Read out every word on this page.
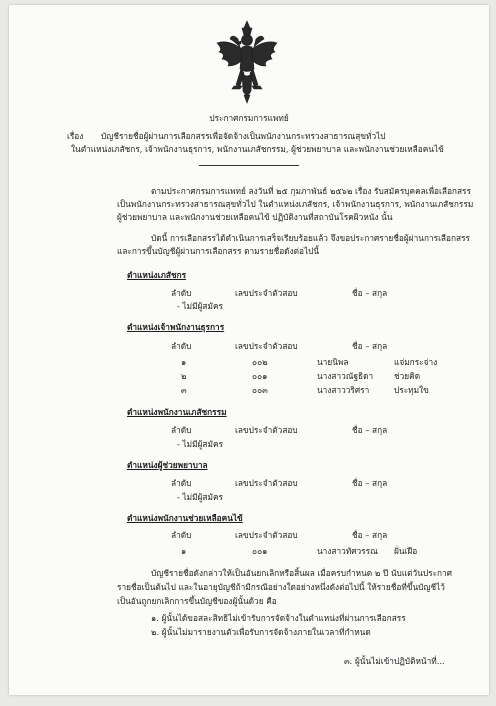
ประกาศกรมการแพทย์
เรื่อง บัญชีรายชื่อผู้ผ่านการเลือกสรรเพื่อจัดจ้างเป็นพนักงานกระทรวงสาธารณสุขทั่วไป
ในตำแหน่งเภสัชกร, เจ้าพนักงานธุรการ, พนักงานเภสัชกรรม, ผู้ช่วยพยาบาล และพนักงานช่วยเหลือคนไข้
ตามประกาศกรมการแพทย์ ลงวันที่ ๒๕ กุมภาพันธ์ ๒๕๖๒ เรื่อง รับสมัครบุคคลเพื่อเลือกสรร
เป็นพนักงานกระทรวงสาธารณสุขทั่วไป ในตำแหน่งเภสัชกร, เจ้าพนักงานธุรการ, พนักงานเภสัชกรรม
ผู้ช่วยพยาบาล และพนักงานช่วยเหลือคนไข้ ปฏิบัติงานที่สถาบันโรคผิวหนัง นั้น
บัดนี้ การเลือกสรรได้ดำเนินการเสร็จเรียบร้อยแล้ว จึงขอประกาศรายชื่อผู้ผ่านการเลือกสรร
และการขึ้นบัญชีผู้ผ่านการเลือกสรร ตามรายชื่อดังต่อไปนี้
ตำแหน่งเภสัชกร
ลำดับ	เลขประจำตัวสอบ	ชื่อ – สกุล
- ไม่มีผู้สมัคร
ตำแหน่งเจ้าพนักงานธุรการ
ลำดับ	เลขประจำตัวสอบ	ชื่อ – สกุล
๑	๐๐๒	นายนิพล	แจ่มกระจ่าง
๒	๐๐๑	นางสาวณัฐธิดา	ช่วยคิด
๓	๐๐๓	นางสาววริศรา	ประทุมใข
ตำแหน่งพนักงานเภสัชกรรม
ลำดับ	เลขประจำตัวสอบ	ชื่อ – สกุล
- ไม่มีผู้สมัคร
ตำแหน่งผู้ช่วยพยาบาล
ลำดับ	เลขประจำตัวสอบ	ชื่อ – สกุล
- ไม่มีผู้สมัคร
ตำแหน่งพนักงานช่วยเหลือคนไข้
ลำดับ	เลขประจำตัวสอบ	ชื่อ – สกุล
๑	๐๐๑	นางสาวทัศวรรณ ฝั่นเฝือ
บัญชีรายชื่อดังกล่าวให้เป็นอันยกเลิกหรือสิ้นผล เมื่อครบกำหนด ๒ ปี นับแต่วันประกาศ
รายชื่อเป็นต้นไป และในอายุบัญชีถ้ามีกรณีอย่างใดอย่างหนึ่งดังต่อไปนี้ ให้รายชื่อที่ขึ้นบัญชีไว้
เป็นอันถูกยกเลิกการขึ้นบัญชีของผู้นั้นด้วย คือ
๑. ผู้นั้นได้ขอสละสิทธิไม่เข้ารับการจัดจ้างในตำแหน่งที่ผ่านการเลือกสรร
๒. ผู้นั้นไม่มารายงานตัวเพื่อรับการจัดจ้างภายในเวลาที่กำหนด
๓. ผู้นั้นไม่เข้าปฏิบัติหน้าที่...
